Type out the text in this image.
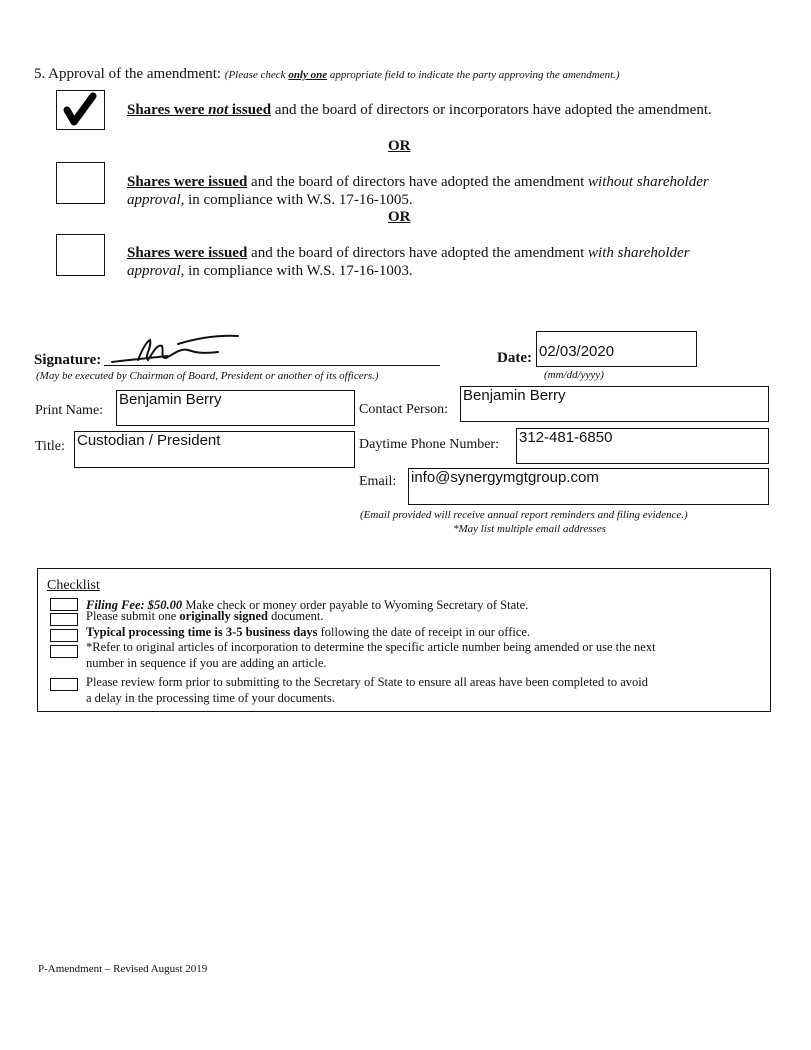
5. Approval of the amendment: (Please check only one appropriate field to indicate the party approving the amendment.)
Shares were not issued and the board of directors or incorporators have adopted the amendment.
OR
Shares were issued and the board of directors have adopted the amendment without shareholder
approval, in compliance with W.S. 17-16-1005.
OR
Shares were issued and the board of directors have adopted the amendment with shareholder
approval, in compliance with W.S. 17-16-1003.
Signature:
(May be executed by Chairman of Board, President or another of its officers.)
Date: 02/03/2020
(mm/dd/yyyy)
Print Name:
Benjamin Berry
Title: Custodian / President
Contact Person:
Benjamin Berry
Daytime Phone Number: 312-481-6850
Email: info@synergymgtgroup.com
(Email provided will receive annual report reminders and filing evidence.)
*May list multiple email addresses
Checklist
Filing Fee: $50.00 Make check or money order payable to Wyoming Secretary of State.
Please submit one originally signed document.
Typical processing time is 3-5 business days following the date of receipt in our office.
*Refer to original articles of incorporation to determine the specific article number being amended or use the next
number in sequence if you are adding an article.
Please review form prior to submitting to the Secretary of State to ensure all areas have been completed to avoid
a delay in the processing time of your documents.
P-Amendment – Revised August 2019
